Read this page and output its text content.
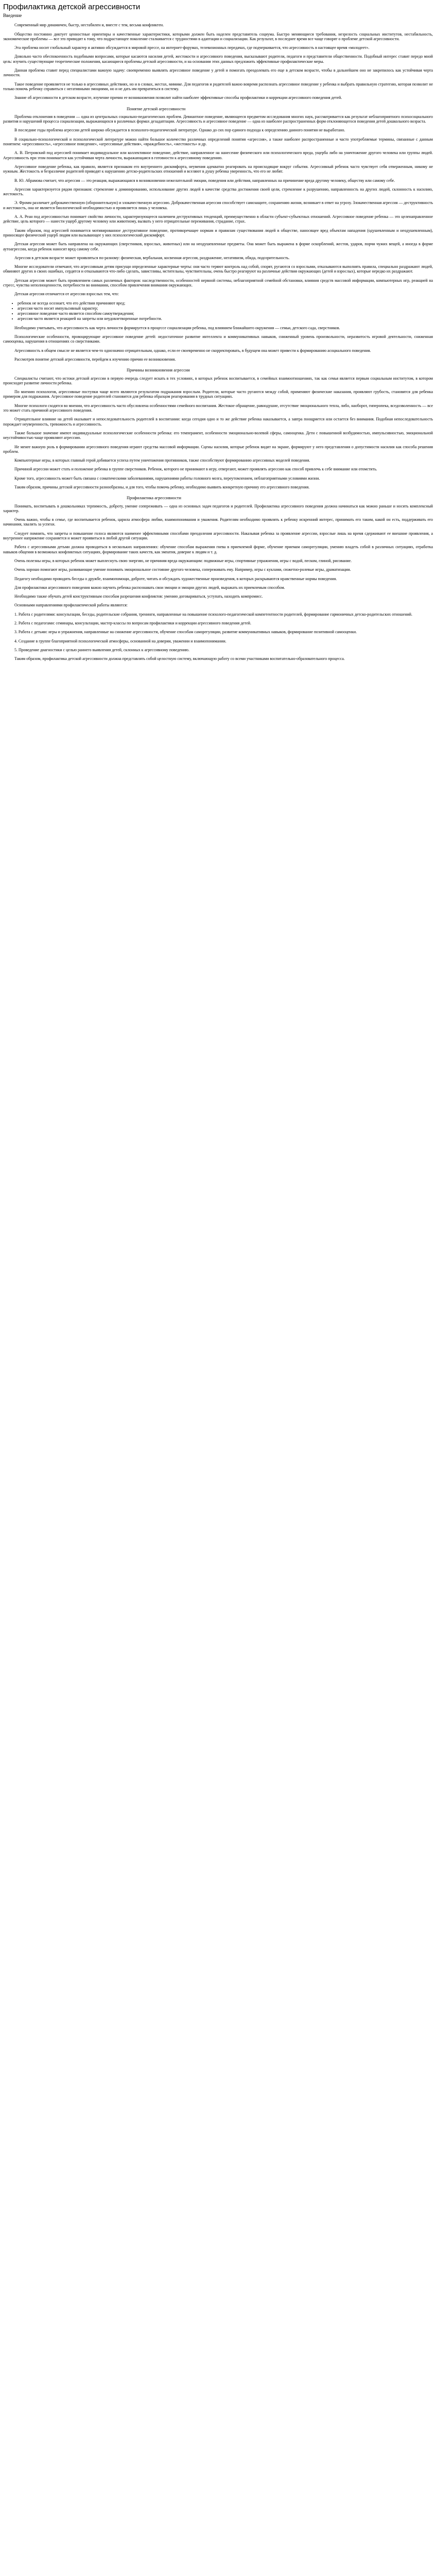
Профилактика детской агрессивности
Введение

Современный мир динамичен, быстр, нестабилен и, вместе с тем, весьма конфликтен.

Общество постоянно диктует ценностные ориентиры и качественные характеристики, которыми должен быть наделен представитель социума. Быстро меняющиеся требования, незрелость социальных институтов, нестабильность, экономические проблемы — все это приводит к тому, что подрастающее поколение сталкивается с трудностями в адаптации и социализации. Как результат, в последнее время все чаще говорят о проблеме детской агрессивности.

Эта проблема носит глобальный характер и активно обсуждается в мировой прессе, на интернет-форумах, телевизионных передачах, где подчеркивается, что агрессивность в настоящее время «молодеет».

Довольно часто обеспокоенность подобными вопросами, которые касаются насилия детей, жестокости и агрессивного поведения, высказывают родители, педагоги и представители общественности. Подобный интерес ставит передо мной цель: изучить существующие теоретические положения, касающиеся проблемы детской агрессивности, и на основании этих данных предложить эффективные профилактические меры.

Данная проблема ставит перед специалистами важную задачу: своевременно выявлять агрессивное поведение у детей и помогать преодолевать его еще в детском возрасте, чтобы в дальнейшем оно не закрепилось как устойчивая черта личности.

Такое поведение проявляется не только в агрессивных действиях, но и в словах, жестах, мимике. Для педагогов и родителей важно вовремя распознать агрессивное поведение у ребенка и выбрать правильную стратегию, которая позволит не только помочь ребенку справиться с негативными эмоциями, но и не дать им превратиться в систему.

Знание об агрессивности в детском возрасте, изучение причин ее возникновения позволит найти наиболее эффективные способы профилактики и коррекции агрессивного поведения детей.

Понятие детской агрессивности

Проблема отклонения в поведении — одна из центральных социально-педагогических проблем. Девиантное поведение, являющееся предметом исследования многих наук, рассматривается как результат неблагоприятного психосоциального развития и нарушений процесса социализации, выражающихся в различных формах дезадаптации. Агрессивность и агрессивное поведение — одна из наиболее распространенных форм отклоняющегося поведения детей дошкольного возраста.

В последние годы проблема агрессии детей широко обсуждается в психолого-педагогической литературе. Однако до сих пор единого подхода к определению данного понятия не выработано.

В социально-психологической и психологической литературе можно найти большое количество различных определений понятия «агрессия», а также наиболее распространенные и часто употребляемые термины, связанные с данным понятием: «агрессивность», «агрессивное поведение», «агрессивные действия», «враждебность», «жестокость» и др.

А. В. Петровский под агрессией понимает индивидуальное или коллективное поведение, действие, направленное на нанесение физического или психологического вреда, ущерба либо на уничтожение другого человека или группы людей. Агрессивность при этом понимается как устойчивая черта личности, выражающаяся в готовности к агрессивному поведению.

Агрессивное поведение ребенка, как правило, является признаком его внутреннего дискомфорта, неумения адекватно реагировать на происходящие вокруг события. Агрессивный ребенок часто чувствует себя отверженным, никому не нужным. Жестокость и безразличие родителей приводят к нарушению детско-родительских отношений и вселяют в душу ребенка уверенность, что его не любят.

В. Ю. Абрамова считает, что агрессия — это реакция, выражающаяся в возникновении нежелательной эмоции, поведения или действия, направленных на причинение вреда другому человеку, обществу или самому себе.

Агрессия характеризуется рядом признаков: стремление к доминированию, использование других людей в качестве средства достижения своей цели, стремление к разрушению, направленность на других людей, склонность к насилию, жестокость.

Э. Фромм различает доброкачественную (оборонительную) и злокачественную агрессию. Доброкачественная агрессия способствует самозащите, сохранению жизни, возникает в ответ на угрозу. Злокачественная агрессия — деструктивность и жестокость, она не является биологической необходимостью и проявляется лишь у человека.

А. А. Реан под агрессивностью понимает свойство личности, характеризующееся наличием деструктивных тенденций, преимущественно в области субъект-субъектных отношений. Агрессивное поведение ребенка — это целенаправленное действие, цель которого — нанести ущерб другому человеку или животному, вызвать у него отрицательные переживания, страдание, страх.

Таким образом, под агрессией понимается мотивированное деструктивное поведение, противоречащее нормам и правилам существования людей в обществе, наносящее вред объектам нападения (одушевленным и неодушевленным), приносящее физический ущерб людям или вызывающее у них психологический дискомфорт.

Детская агрессия может быть направлена на окружающих (сверстников, взрослых, животных) или на неодушевленные предметы. Она может быть выражена в форме оскорблений, жестов, ударов, порчи чужих вещей, а иногда в форме аутоагрессии, когда ребенок наносит вред самому себе.

Агрессия в детском возрасте может проявляться по-разному: физическая, вербальная, косвенная агрессия, раздражение, негативизм, обида, подозрительность.

Многие исследователи отмечают, что агрессивным детям присущи определенные характерные черты: они часто теряют контроль над собой, спорят, ругаются со взрослыми, отказываются выполнять правила, специально раздражают людей, обвиняют других в своих ошибках, сердятся и отказываются что-либо сделать, завистливы, мстительны, чувствительны, очень быстро реагируют на различные действия окружающих (детей и взрослых), которые нередко их раздражают.

Детская агрессия может быть проявлением самых различных факторов: наследственности, особенностей нервной системы, неблагоприятной семейной обстановки, влияния средств массовой информации, компьютерных игр, реакцией на стресс, чувства неполноценности, потребности во внимании, способом привлечения внимания окружающих.

Детская агрессия отличается от агрессии взрослых тем, что:

• ребенок не всегда осознает, что его действия причиняют вред;
• агрессия часто носит импульсивный характер;
• агрессивное поведение часто является способом самоутверждения;
• агрессия часто является реакцией на запреты или неудовлетворенные потребности.

Необходимо учитывать, что агрессивность как черта личности формируется в процессе социализации ребенка, под влиянием ближайшего окружения — семьи, детского сада, сверстников.

Психологические особенности, провоцирующие агрессивное поведение детей: недостаточное развитие интеллекта и коммуникативных навыков, сниженный уровень произвольности, неразвитость игровой деятельности, сниженная самооценка, нарушения в отношениях со сверстниками.

Агрессивность в общем смысле не является чем-то однозначно отрицательным, однако, если ее своевременно не скорректировать, в будущем она может привести к формированию асоциального поведения.

Рассмотрев понятие детской агрессивности, перейдем к изучению причин ее возникновения.

Причины возникновения агрессии

Специалисты считают, что истоки детской агрессии в первую очередь следует искать в тех условиях, в которых ребенок воспитывается, в семейных взаимоотношениях, так как семья является первым социальным институтом, в котором происходит развитие личности ребенка.

По мнению психологов, агрессивные поступки чаще всего являются результатом подражания взрослым. Родители, которые часто ругаются между собой, применяют физические наказания, проявляют грубость, становятся для ребенка примером для подражания. Агрессивное поведение родителей становится для ребенка образцом реагирования в трудных ситуациях.

Многие психологи сходятся во мнении, что агрессивность часто обусловлена особенностями семейного воспитания. Жестокое обращение, равнодушие, отсутствие эмоционального тепла, либо, наоборот, гиперопека, вседозволенность — все это может стать причиной агрессивного поведения.

Отрицательное влияние на детей оказывает и непоследовательность родителей в воспитании: когда сегодня одно и то же действие ребенка наказывается, а завтра поощряется или остается без внимания. Подобная непоследовательность порождает неуверенность, тревожность и агрессивность.

Также большое значение имеют индивидуальные психологические особенности ребенка: его темперамент, особенности эмоционально-волевой сферы, самооценка. Дети с повышенной возбудимостью, импульсивностью, эмоциональной неустойчивостью чаще проявляют агрессию.

Не менее важную роль в формировании агрессивного поведения играют средства массовой информации. Сцены насилия, которые ребенок видит на экране, формируют у него представления о допустимости насилия как способа решения проблем.

Компьютерные игры, в которых главный герой добивается успеха путем уничтожения противников, также способствуют формированию агрессивных моделей поведения.

Причиной агрессии может стать и положение ребенка в группе сверстников. Ребенок, которого не принимают в игру, отвергают, может проявлять агрессию как способ привлечь к себе внимание или отомстить.

Кроме того, агрессивность может быть связана с соматическими заболеваниями, нарушениями работы головного мозга, переутомлением, неблагоприятными условиями жизни.

Таким образом, причины детской агрессивности разнообразны, и для того, чтобы помочь ребенку, необходимо выявить конкретную причину его агрессивного поведения.

Профилактика агрессивности

Понимать, воспитывать в дошкольниках терпимость, доброту, умение сопереживать — одна из основных задач педагогов и родителей. Профилактика агрессивного поведения должна начинаться как можно раньше и носить комплексный характер.

Очень важно, чтобы в семье, где воспитывается ребенок, царила атмосфера любви, взаимопонимания и уважения. Родителям необходимо проявлять к ребенку искренний интерес, принимать его таким, какой он есть, поддерживать его начинания, хвалить за успехи.

Следует помнить, что запреты и повышение голоса являются наименее эффективными способами преодоления агрессивности. Наказывая ребенка за проявление агрессии, взрослые лишь на время сдерживают ее внешние проявления, а внутреннее напряжение сохраняется и может проявиться в любой другой ситуации.

Работа с агрессивными детьми должна проводиться в нескольких направлениях: обучение способам выражения гнева в приемлемой форме, обучение приемам саморегуляции, умению владеть собой в различных ситуациях, отработка навыков общения в возможных конфликтных ситуациях, формирование таких качеств, как эмпатия, доверие к людям и т. д.

Очень полезны игры, в которых ребенок может выплеснуть свою энергию, не причиняя вреда окружающим: подвижные игры, спортивные упражнения, игры с водой, песком, глиной, рисование.

Очень хорошо помогают игры, развивающие умение понимать эмоциональное состояние другого человека, сопереживать ему. Например, игры с куклами, сюжетно-ролевые игры, драматизации.

Педагогу необходимо проводить беседы о дружбе, взаимопомощи, доброте, читать и обсуждать художественные произведения, в которых раскрываются нравственные нормы поведения.

Для профилактики агрессивного поведения важно научить ребенка распознавать свои эмоции и эмоции других людей, выражать их приемлемым способом.

Необходимо также обучать детей конструктивным способам разрешения конфликтов: умению договариваться, уступать, находить компромисс.

Основными направлениями профилактической работы являются:

1. Работа с родителями: консультации, беседы, родительские собрания, тренинги, направленные на повышение психолого-педагогической компетентности родителей, формирование гармоничных детско-родительских отношений.

2. Работа с педагогами: семинары, консультации, мастер-классы по вопросам профилактики и коррекции агрессивного поведения детей.

3. Работа с детьми: игры и упражнения, направленные на снижение агрессивности, обучение способам саморегуляции, развитие коммуникативных навыков, формирование позитивной самооценки.

4. Создание в группе благоприятной психологической атмосферы, основанной на доверии, уважении и взаимопонимании.

5. Проведение диагностики с целью раннего выявления детей, склонных к агрессивному поведению.

Таким образом, профилактика детской агрессивности должна представлять собой целостную систему, включающую работу со всеми участниками воспитательно-образовательного процесса.
